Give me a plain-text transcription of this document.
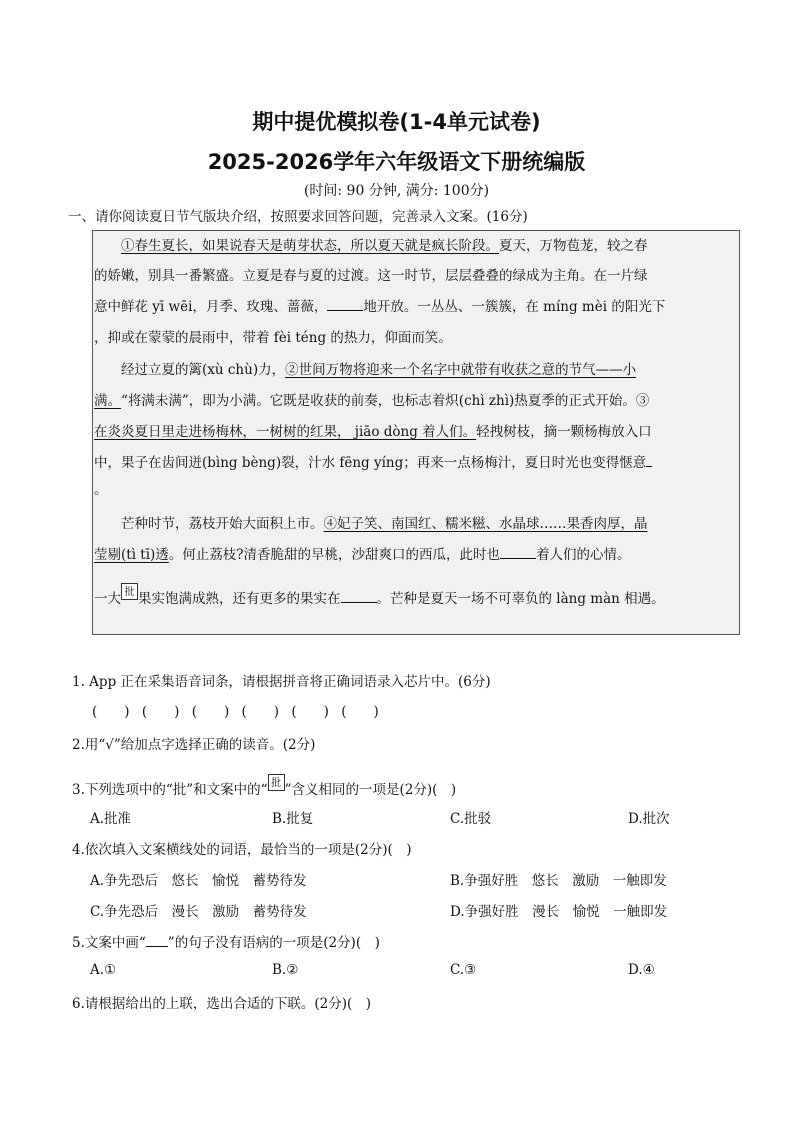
期中提优模拟卷(1-4单元试卷)
2025-2026学年六年级语文下册统编版
(时间: 90 分钟, 满分: 100分)
一、请你阅读夏日节气版块介绍，按照要求回答问题，完善录入文案。(16分)
　　①春生夏长，如果说春天是萌芽状态，所以夏天就是疯长阶段。夏天，万物苞茏，较之春
的娇嫩，别具一番繁盛。立夏是春与夏的过渡。这一时节，层层叠叠的绿成为主角。在一片绿
意中鲜花 yī wēi，月季、玫瑰、蔷薇，	地开放。一丛丛、一簇簇，在 míng mèi 的阳光下
，抑或在蒙蒙的晨雨中，带着 fèi téng 的热力，仰面而笑。
　　经过立夏的篱(xù chù)力，②世间万物将迎来一个名字中就带有收获之意的节气——小
满。“将满未满”，即为小满。它既是收获的前奏，也标志着炽(chì zhì)热夏季的正式开始。③
在炎炎夏日里走进杨梅林，一树树的红果， jiāo dòng 着人们。轻拽树枝，摘一颗杨梅放入口
中，果子在齿间迸(bìng bèng)裂，汁水 fēng yíng；再来一点杨梅汁，夏日时光也变得惬意
。
　　芒种时节，荔枝开始大面积上市。④妃子笑、南国红、糯米糍、水晶球……果香肉厚，晶
莹剔(tì tī)透。何止荔枝?清香脆甜的早桃，沙甜爽口的西瓜，此时也	着人们的心情。
一大 批 果实饱满成熟，还有更多的果实在	。芒种是夏天一场不可辜负的 làng màn 相遇。
1. App 正在采集语音词条，请根据拼音将正确词语录入芯片中。(6分)
(　　) (　　) (　　) (　　) (　　) (　　)
2.用“√”给加点字选择正确的读音。(2分)
3.下列选项中的“批”和文案中的“ 批 ”含义相同的一项是(2分)(　)
A.批准	B.批复	C.批驳	D.批次
4.依次填入文案横线处的词语，最恰当的一项是(2分)(　)
A.争先恐后　悠长　愉悦　蓄势待发	B.争强好胜　悠长　激励　一触即发
C.争先恐后　漫长　激励　蓄势待发	D.争强好胜　漫长　愉悦　一触即发
5.文案中画“ ”的句子没有语病的一项是(2分)(　)
A.①	B.②	C.③	D.④
6.请根据给出的上联，选出合适的下联。(2分)(　)
